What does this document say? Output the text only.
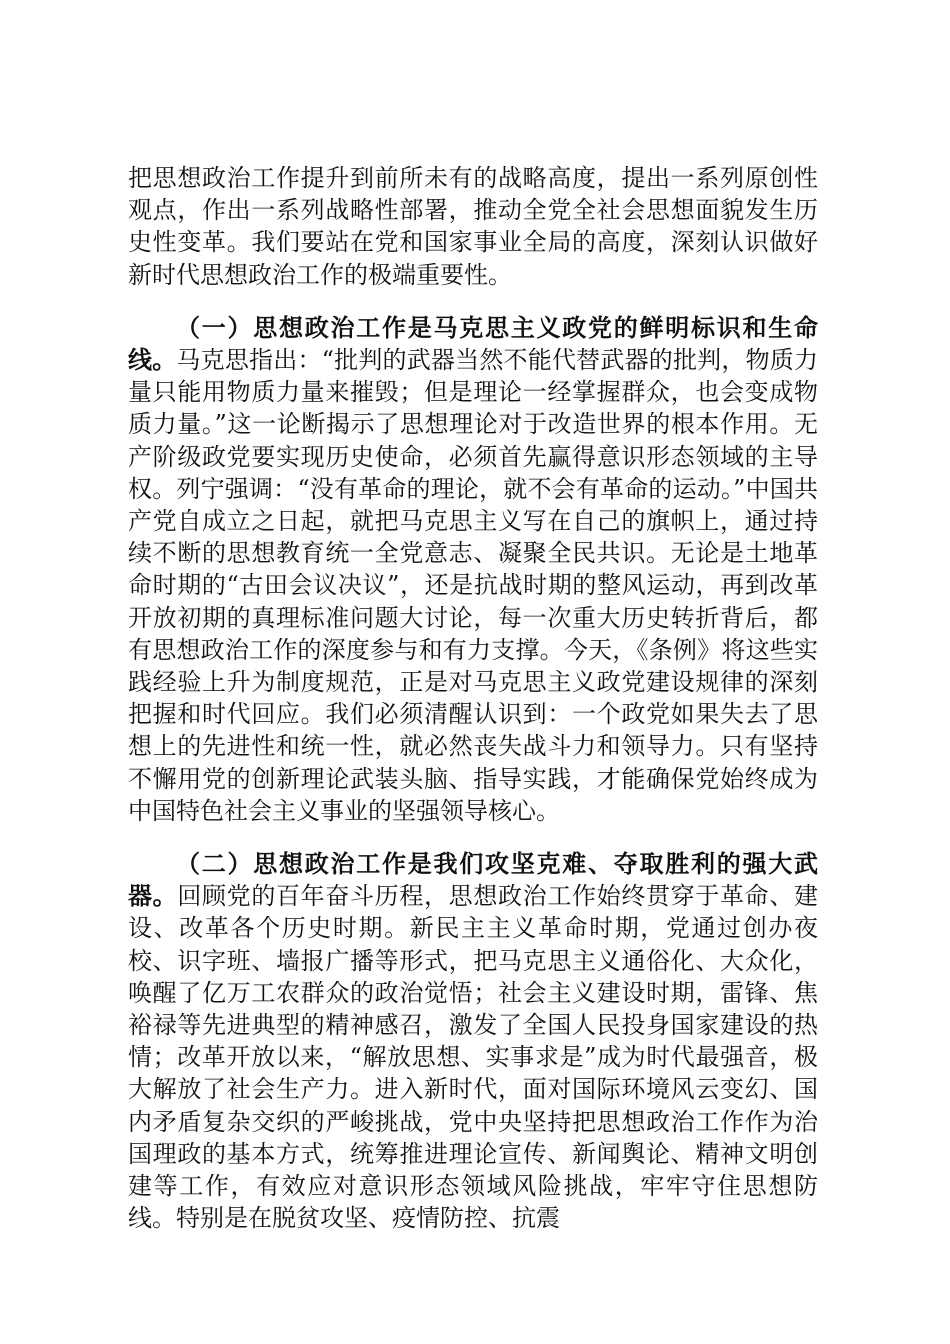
把思想政治工作提升到前所未有的战略高度，提出一系列原创性观点，作出一系列战略性部署，推动全党全社会思想面貌发生历史性变革。我们要站在党和国家事业全局的高度，深刻认识做好新时代思想政治工作的极端重要性。

（一）思想政治工作是马克思主义政党的鲜明标识和生命线。马克思指出：“批判的武器当然不能代替武器的批判，物质力量只能用物质力量来摧毁；但是理论一经掌握群众，也会变成物质力量。”这一论断揭示了思想理论对于改造世界的根本作用。无产阶级政党要实现历史使命，必须首先赢得意识形态领域的主导权。列宁强调：“没有革命的理论，就不会有革命的运动。”中国共产党自成立之日起，就把马克思主义写在自己的旗帜上，通过持续不断的思想教育统一全党意志、凝聚全民共识。无论是土地革命时期的“古田会议决议”，还是抗战时期的整风运动，再到改革开放初期的真理标准问题大讨论，每一次重大历史转折背后，都有思想政治工作的深度参与和有力支撑。今天，《条例》将这些实践经验上升为制度规范，正是对马克思主义政党建设规律的深刻把握和时代回应。我们必须清醒认识到：一个政党如果失去了思想上的先进性和统一性，就必然丧失战斗力和领导力。只有坚持不懈用党的创新理论武装头脑、指导实践，才能确保党始终成为中国特色社会主义事业的坚强领导核心。

（二）思想政治工作是我们攻坚克难、夺取胜利的强大武器。回顾党的百年奋斗历程，思想政治工作始终贯穿于革命、建设、改革各个历史时期。新民主主义革命时期，党通过创办夜校、识字班、墙报广播等形式，把马克思主义通俗化、大众化，唤醒了亿万工农群众的政治觉悟；社会主义建设时期，雷锋、焦裕禄等先进典型的精神感召，激发了全国人民投身国家建设的热情；改革开放以来，“解放思想、实事求是”成为时代最强音，极大解放了社会生产力。进入新时代，面对国际环境风云变幻、国内矛盾复杂交织的严峻挑战，党中央坚持把思想政治工作作为治国理政的基本方式，统筹推进理论宣传、新闻舆论、精神文明创建等工作，有效应对意识形态领域风险挑战，牢牢守住思想防线。特别是在脱贫攻坚、疫情防控、抗震
